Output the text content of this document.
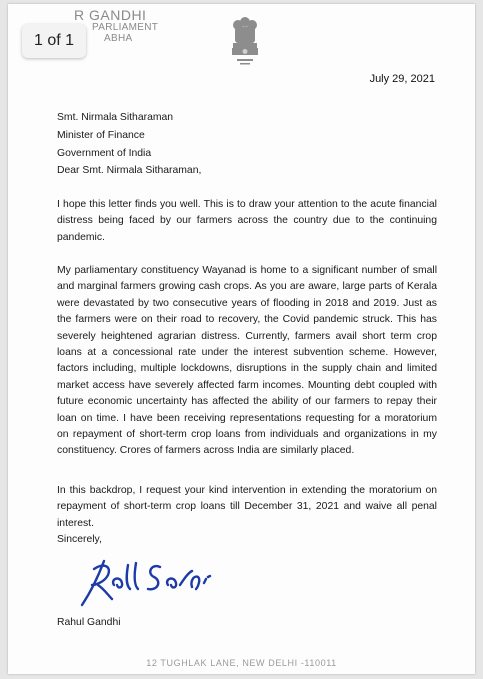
R GANDHI
PARLIAMENT
ABHA
1 of 1
July 29, 2021
Smt. Nirmala Sitharaman
Minister of Finance
Government of India
Dear Smt. Nirmala Sitharaman,
I hope this letter finds you well. This is to draw your attention to the acute financial distress being faced by our farmers across the country due to the continuing pandemic.
My parliamentary constituency Wayanad is home to a significant number of small and marginal farmers growing cash crops. As you are aware, large parts of Kerala were devastated by two consecutive years of flooding in 2018 and 2019. Just as the farmers were on their road to recovery, the Covid pandemic struck. This has severely heightened agrarian distress. Currently, farmers avail short term crop loans at a concessional rate under the interest subvention scheme. However, factors including, multiple lockdowns, disruptions in the supply chain and limited market access have severely affected farm incomes. Mounting debt coupled with future economic uncertainty has affected the ability of our farmers to repay their loan on time. I have been receiving representations requesting for a moratorium on repayment of short-term crop loans from individuals and organizations in my constituency. Crores of farmers across India are similarly placed.
In this backdrop, I request your kind intervention in extending the moratorium on repayment of short-term crop loans till December 31, 2021 and waive all penal interest.
Sincerely,
Rahul Gandhi
12 TUGHLAK LANE, NEW DELHI -110011
